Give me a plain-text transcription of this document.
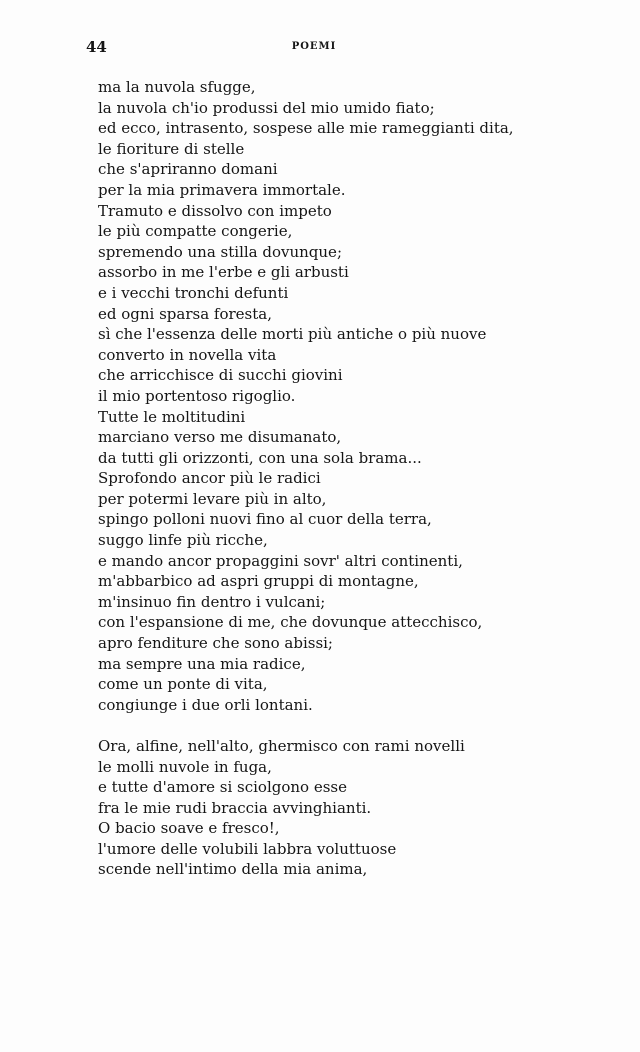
44	POEMI
ma la nuvola sfugge,
la nuvola ch'io produssi del mio umido fiato;
ed ecco, intrasento, sospese alle mie rameggianti dita,
le fioriture di stelle
che s'apriranno domani
per la mia primavera immortale.
Tramuto e dissolvo con impeto
le più compatte congerie,
spremendo una stilla dovunque;
assorbo in me l'erbe e gli arbusti
e i vecchi tronchi defunti
ed ogni sparsa foresta,
sì che l'essenza delle morti più antiche o più nuove
converto in novella vita
che arricchisce di succhi giovini
il mio portentoso rigoglio.
Tutte le moltitudini
marciano verso me disumanato,
da tutti gli orizzonti, con una sola brama...
Sprofondo ancor più le radici
per potermi levare più in alto,
spingo polloni nuovi fino al cuor della terra,
suggo linfe più ricche,
e mando ancor propaggini sovr' altri continenti,
m'abbarbico ad aspri gruppi di montagne,
m'insinuo fin dentro i vulcani;
con l'espansione di me, che dovunque attecchisco,
apro fenditure che sono abissi;
ma sempre una mia radice,
come un ponte di vita,
congiunge i due orli lontani.
Ora, alfine, nell'alto, ghermisco con rami novelli
le molli nuvole in fuga,
e tutte d'amore si sciolgono esse
fra le mie rudi braccia avvinghianti.
O bacio soave e fresco!,
l'umore delle volubili labbra voluttuose
scende nell'intimo della mia anima,
